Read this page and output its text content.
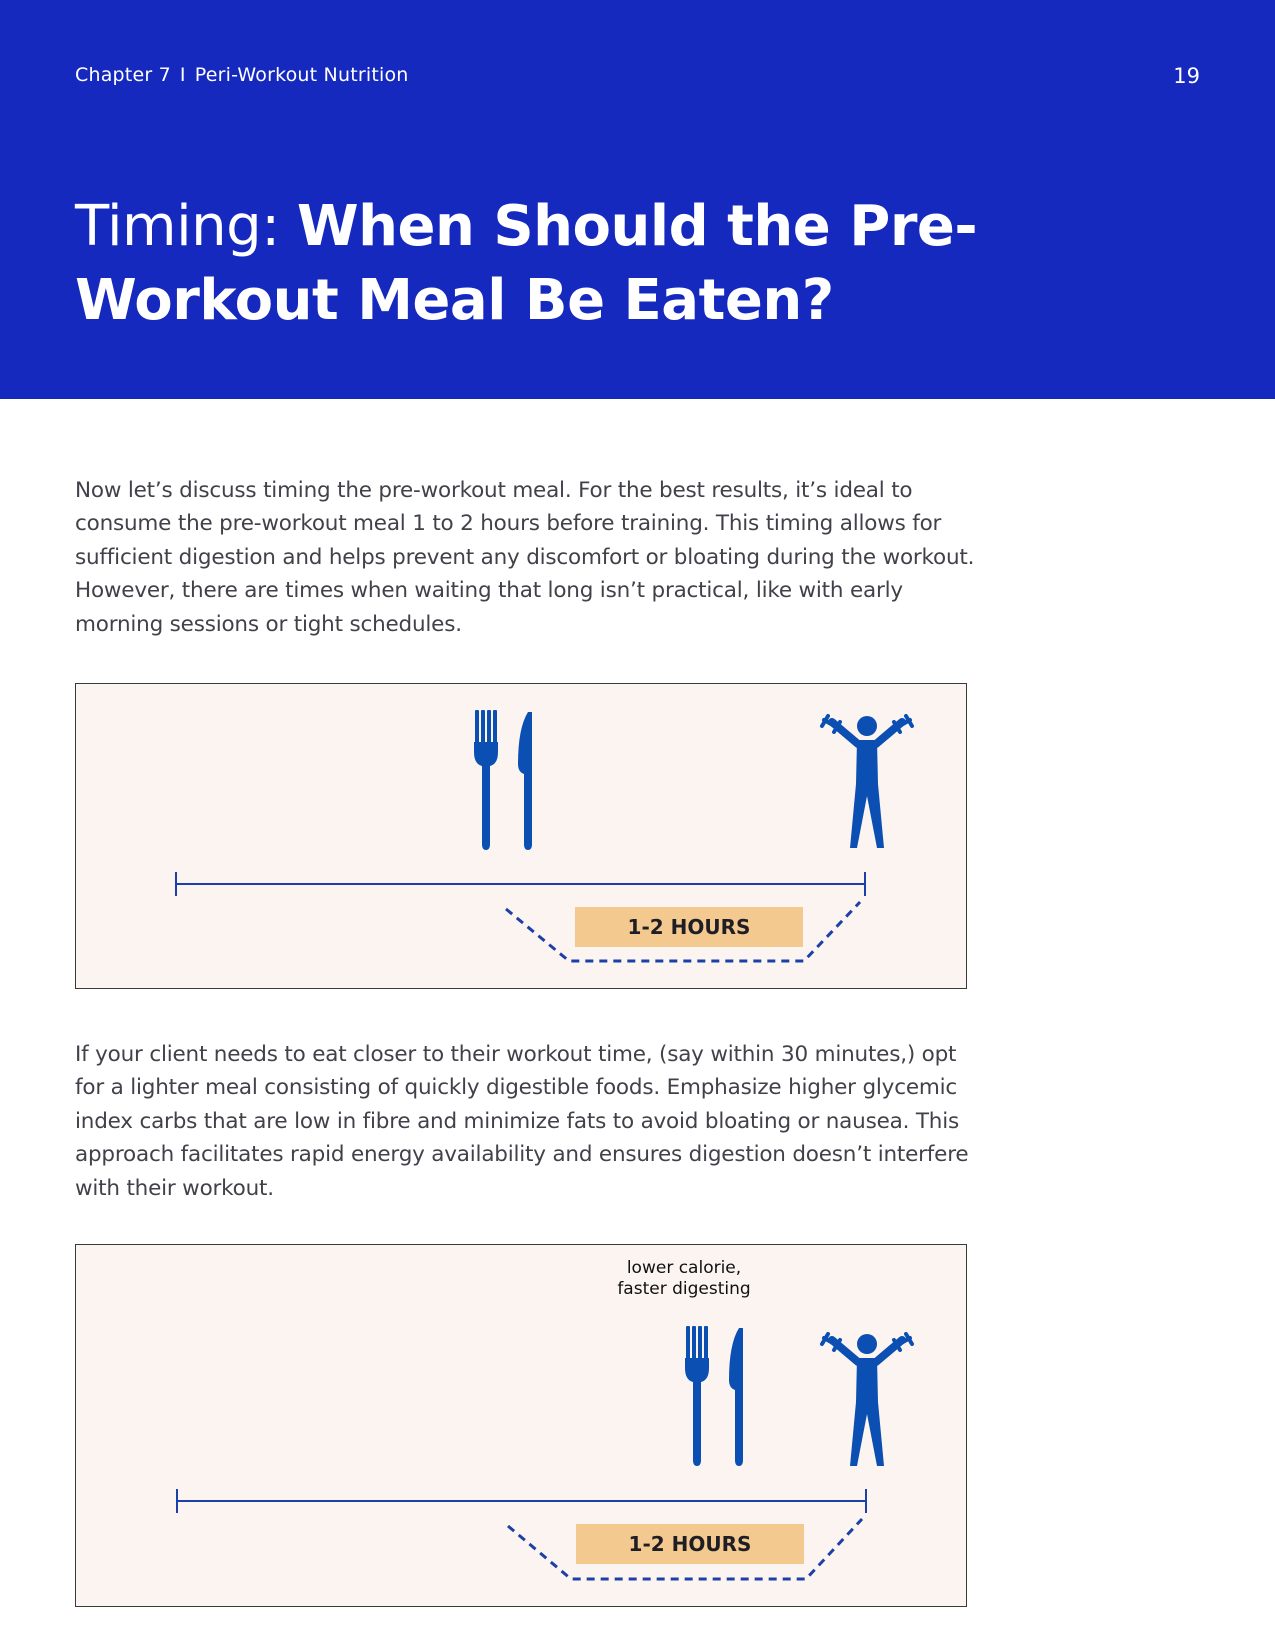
Chapter 7 I Peri-Workout Nutrition	19
Timing: When Should the Pre-Workout Meal Be Eaten?

Now let’s discuss timing the pre-workout meal. For the best results, it’s ideal to consume the pre-workout meal 1 to 2 hours before training. This timing allows for sufficient digestion and helps prevent any discomfort or bloating during the workout. However, there are times when waiting that long isn’t practical, like with early morning sessions or tight schedules.

1-2 HOURS

If your client needs to eat closer to their workout time, (say within 30 minutes,) opt for a lighter meal consisting of quickly digestible foods. Emphasize higher glycemic index carbs that are low in fibre and minimize fats to avoid bloating or nausea. This approach facilitates rapid energy availability and ensures digestion doesn’t interfere with their workout.

lower calorie, faster digesting
1-2 HOURS
